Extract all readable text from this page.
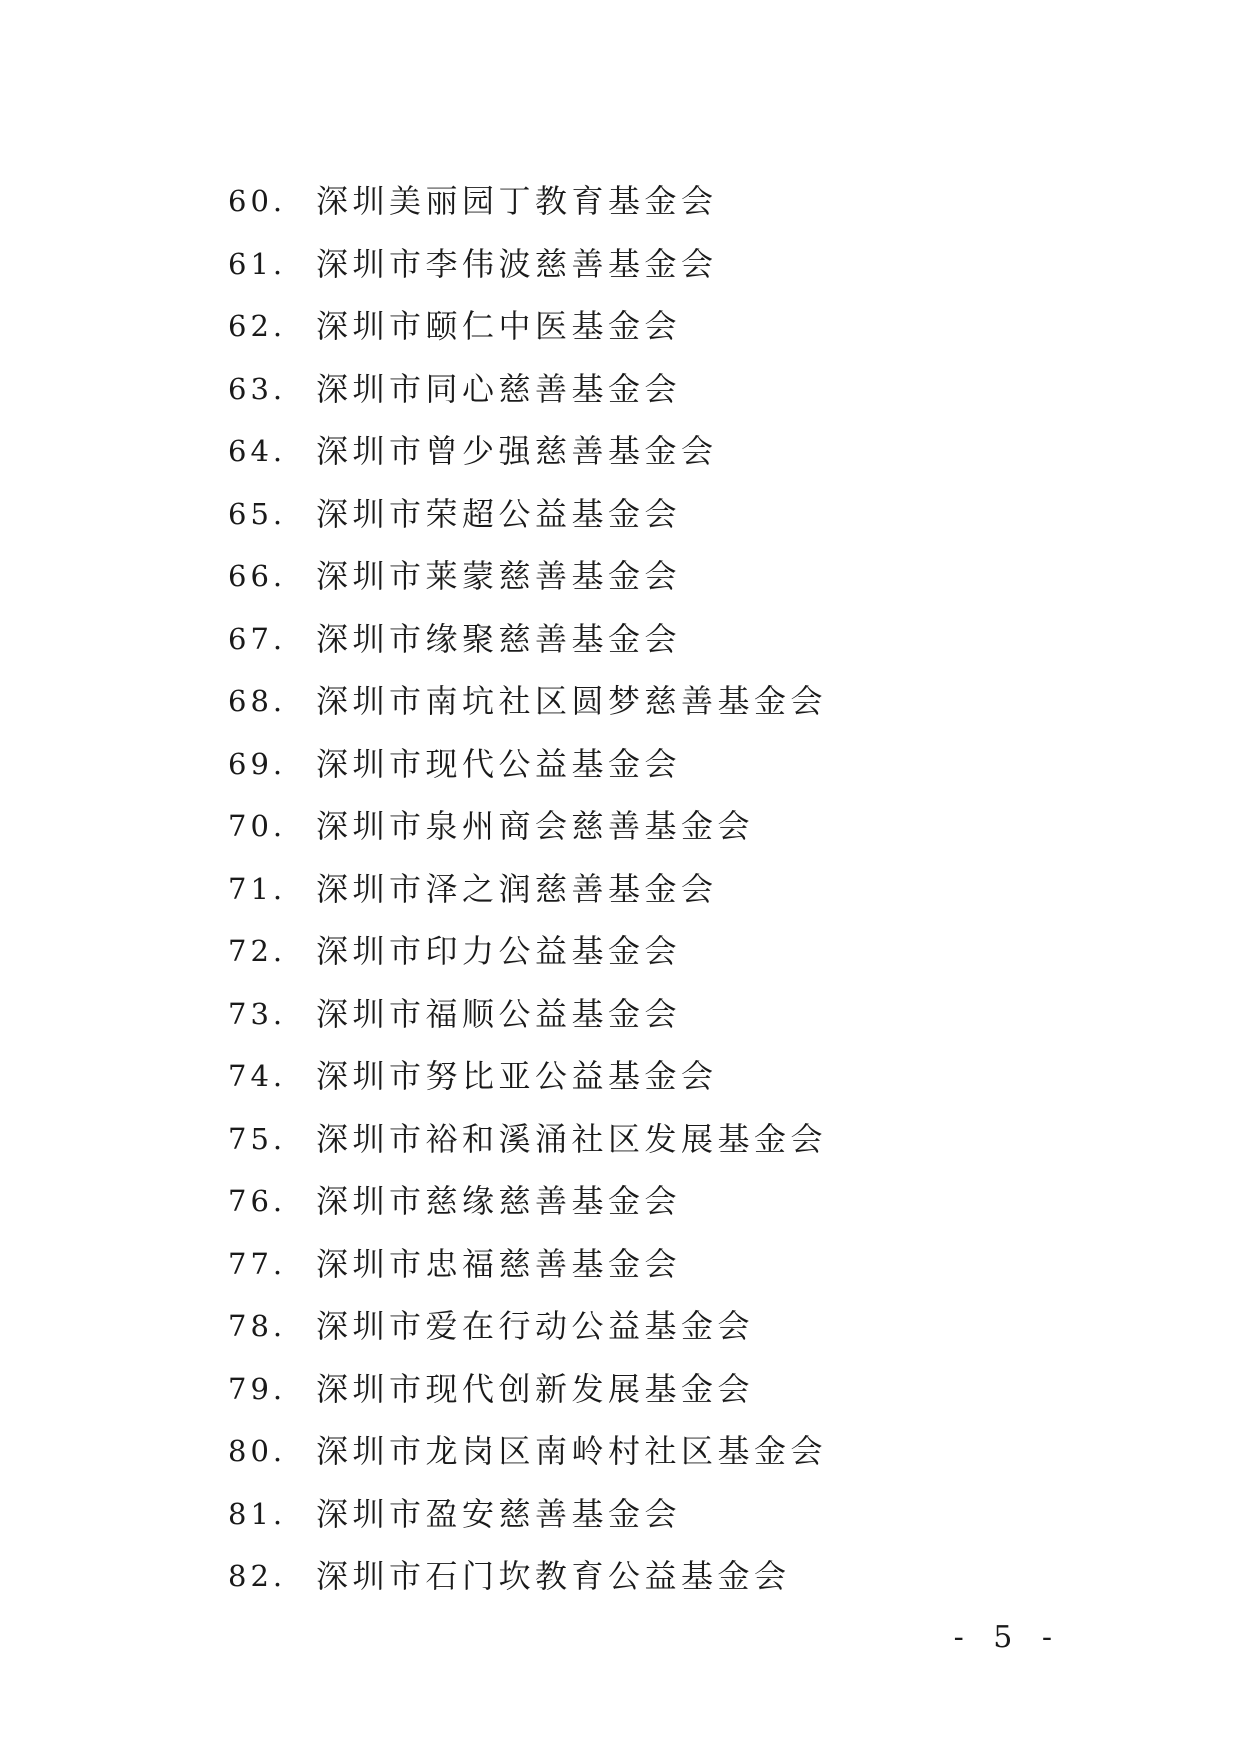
60. 深圳美丽园丁教育基金会
61. 深圳市李伟波慈善基金会
62. 深圳市颐仁中医基金会
63. 深圳市同心慈善基金会
64. 深圳市曾少强慈善基金会
65. 深圳市荣超公益基金会
66. 深圳市莱蒙慈善基金会
67. 深圳市缘聚慈善基金会
68. 深圳市南坑社区圆梦慈善基金会
69. 深圳市现代公益基金会
70. 深圳市泉州商会慈善基金会
71. 深圳市泽之润慈善基金会
72. 深圳市印力公益基金会
73. 深圳市福顺公益基金会
74. 深圳市努比亚公益基金会
75. 深圳市裕和溪涌社区发展基金会
76. 深圳市慈缘慈善基金会
77. 深圳市忠福慈善基金会
78. 深圳市爱在行动公益基金会
79. 深圳市现代创新发展基金会
80. 深圳市龙岗区南岭村社区基金会
81. 深圳市盈安慈善基金会
82. 深圳市石门坎教育公益基金会
- 5 -
